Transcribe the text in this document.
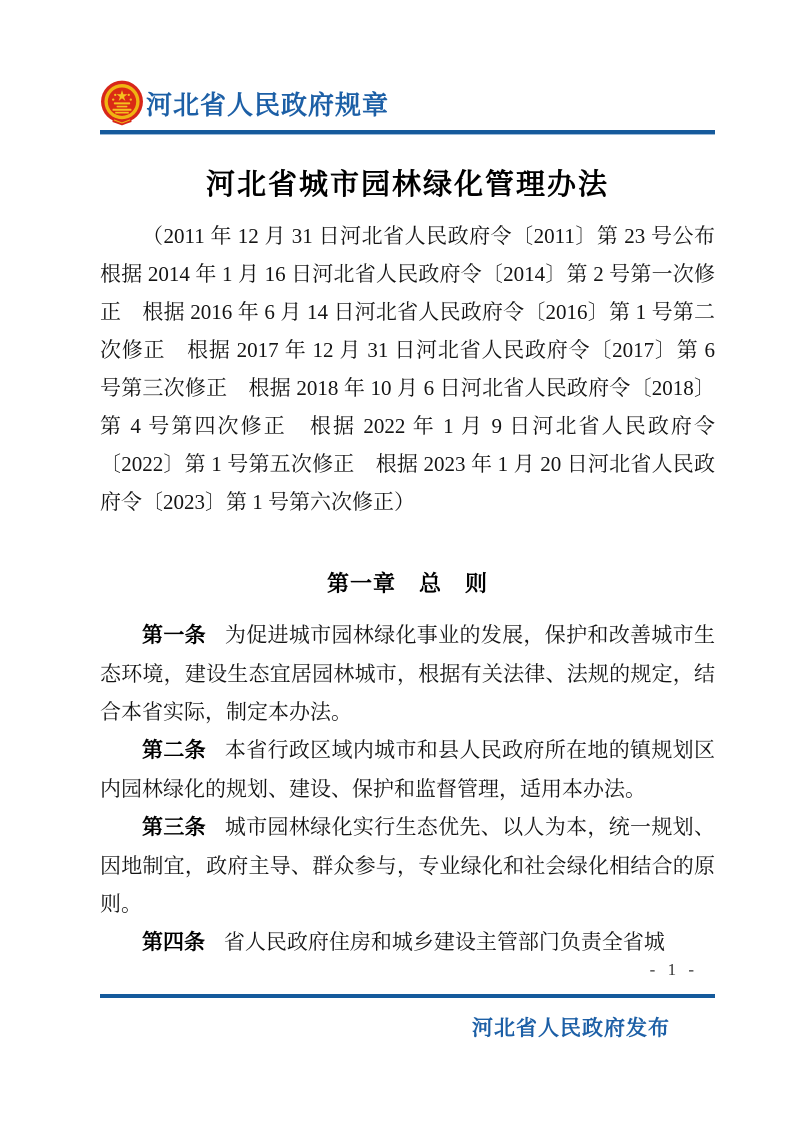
河北省人民政府规章
河北省城市园林绿化管理办法

（2011 年 12 月 31 日河北省人民政府令〔2011〕第 23 号公布　根据 2014 年 1 月 16 日河北省人民政府令〔2014〕第 2 号第一次修正　根据 2016 年 6 月 14 日河北省人民政府令〔2016〕第 1 号第二次修正　根据 2017 年 12 月 31 日河北省人民政府令〔2017〕第 6 号第三次修正　根据 2018 年 10 月 6 日河北省人民政府令〔2018〕第 4 号第四次修正　根据 2022 年 1 月 9 日河北省人民政府令〔2022〕第 1 号第五次修正　根据 2023 年 1 月 20 日河北省人民政府令〔2023〕第 1 号第六次修正）

第一章　总　则

第一条 为促进城市园林绿化事业的发展，保护和改善城市生态环境，建设生态宜居园林城市，根据有关法律、法规的规定，结合本省实际，制定本办法。

第二条 本省行政区域内城市和县人民政府所在地的镇规划区内园林绿化的规划、建设、保护和监督管理，适用本办法。

第三条 城市园林绿化实行生态优先、以人为本，统一规划、因地制宜，政府主导、群众参与，专业绿化和社会绿化相结合的原则。

第四条 省人民政府住房和城乡建设主管部门负责全省城

- 1 -
河北省人民政府发布
